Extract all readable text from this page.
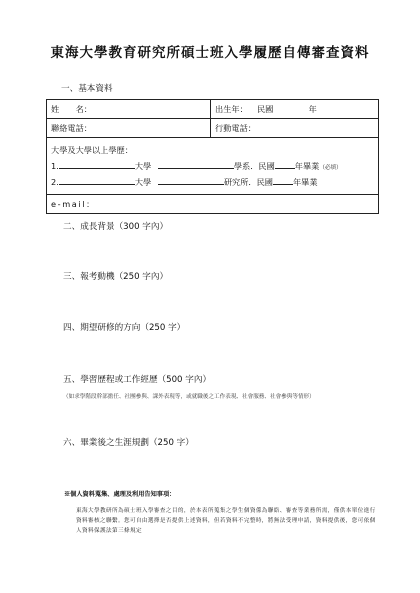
東海大學教育研究所碩士班入學履歷自傳審查資料
一、基本資料
姓　　名：	出生年： 民國 年
聯絡電話：	行動電話：

大學及大學以上學歷：
1. 大學 學系．民國 年畢業（必填）
2. 大學 研究所．民國 年畢業	

e-mail：	
二、成長背景（300 字內）
三、報考動機（250 字內）
四、期望研修的方向（250 字）
五、學習歷程或工作經歷（500 字內）
（如求學階段幹部擔任、社團參與、課外表現等，或就職後之工作表現、社會服務、社會參與等情形）
六、畢業後之生涯規劃（250 字）
※個人資料蒐集、處理及利用告知事項：
東海大學教研所為碩士班入學審查之目的，於本表所蒐集之學生個資係為聯絡、審查等業務所需，僅供本單位進行資料審核之聯繫。您可自由選擇是否提供上述資料，但若資料不完整時，將無法受理申請，資料提供後，您可依個人資料保護法第三條規定
